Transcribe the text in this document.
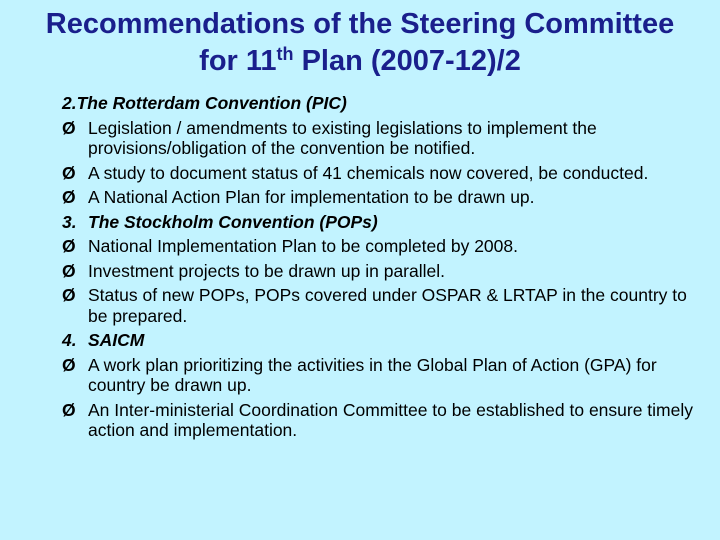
Recommendations of the Steering Committee
for 11th Plan (2007-12)/2
2.The Rotterdam Convention (PIC)
Ø Legislation / amendments to existing legislations to implement the provisions/obligation of the convention be notified.
Ø A study to document status of 41 chemicals now covered, be conducted.
Ø A National Action Plan for implementation to be drawn up.
3. The Stockholm Convention (POPs)
Ø National Implementation Plan to be completed by 2008.
Ø Investment projects to be drawn up in parallel.
Ø Status of new POPs, POPs covered under OSPAR & LRTAP in the country to be prepared.
4. SAICM
Ø A work plan prioritizing the activities in the Global Plan of Action (GPA) for country be drawn up.
Ø An Inter-ministerial Coordination Committee to be established to ensure timely action and implementation.
